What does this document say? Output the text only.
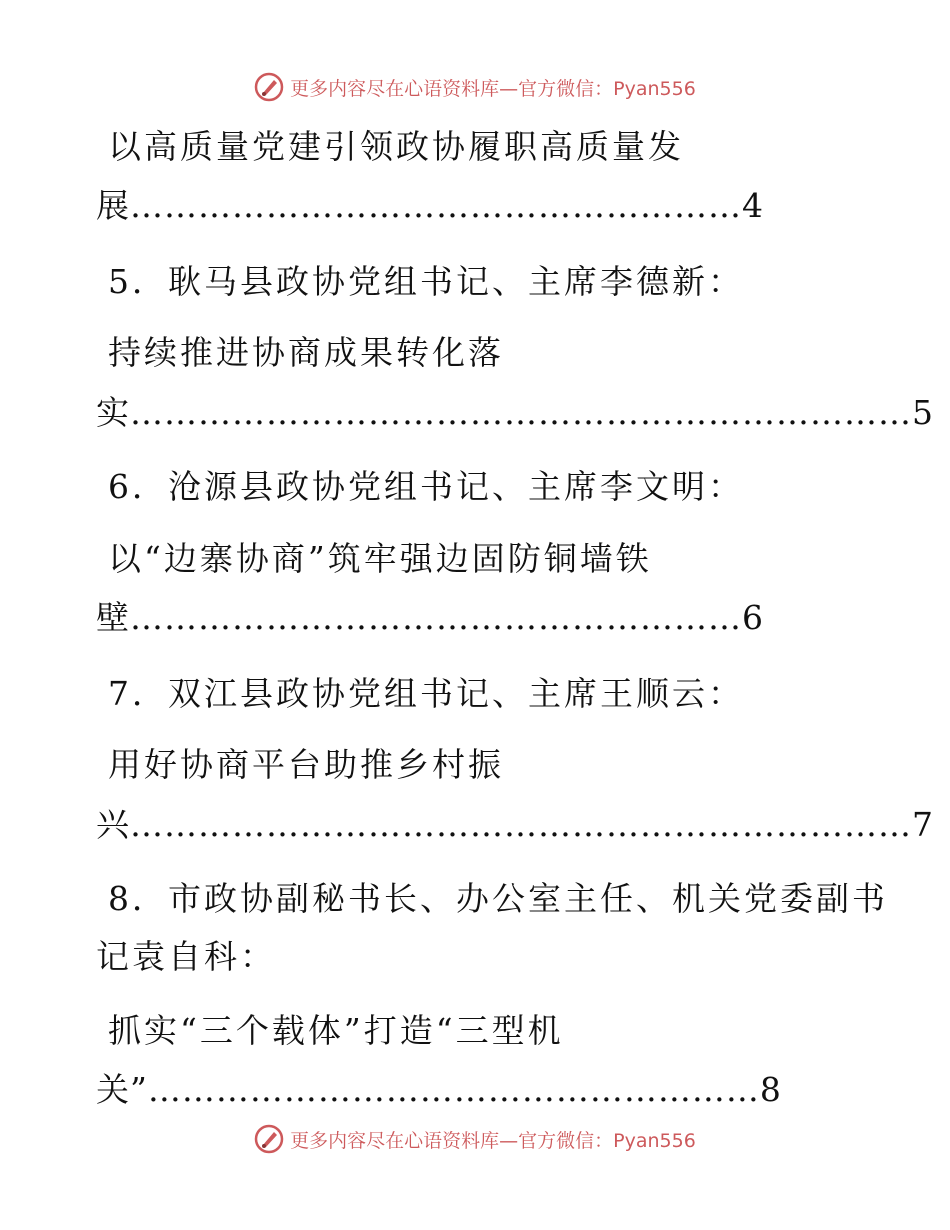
更多内容尽在心语资料库—官方微信：Pyan556
以高质量党建引领政协履职高质量发
展………………………………………………4
5．耿马县政协党组书记、主席李德新：
持续推进协商成果转化落
实……………………………………………………………5
6．沧源县政协党组书记、主席李文明：
以“边寨协商”筑牢强边固防铜墙铁
壁………………………………………………6
7．双江县政协党组书记、主席王顺云：
用好协商平台助推乡村振
兴……………………………………………………………7
8．市政协副秘书长、办公室主任、机关党委副书
记袁自科：
抓实“三个载体”打造“三型机
关”………………………………………………8
更多内容尽在心语资料库—官方微信：Pyan556
